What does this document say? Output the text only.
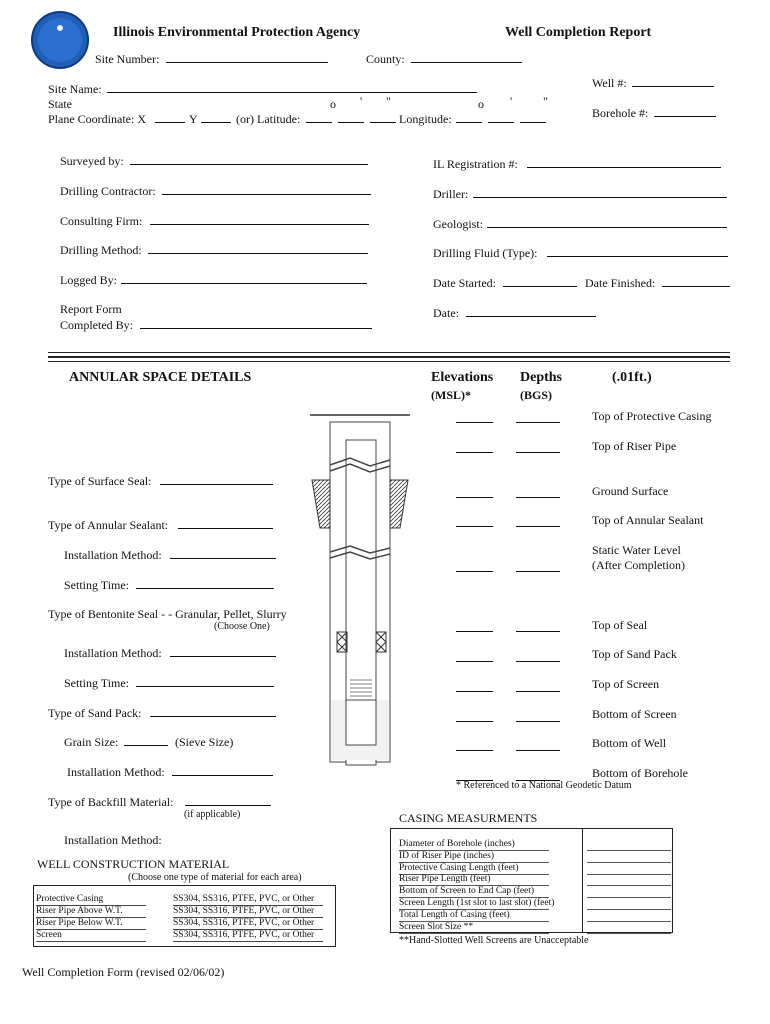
Illinois Environmental Protection Agency	Well Completion Report
Site Number:	County:
Site Name:
State	o ' "	o '	"
Plane Coordinate: X	Y	(or) Latitude:	Longitude:
Well #:
Borehole #:
Surveyed by:	IL Registration #:
Drilling Contractor:	Driller:
Consulting Firm:	Geologist:
Drilling Method:	Drilling Fluid (Type):
Logged By:	Date Started:	Date Finished:
Report Form
Completed By:
Date:
ANNULAR SPACE DETAILS	Elevations
(MSL)*
Depths
(BGS)
(.01ft.)
Type of Surface Seal:
Type of Annular Sealant:
Installation Method:
Setting Time:
Type of Bentonite Seal - - Granular, Pellet, Slurry
(Choose One)
Installation Method:
Setting Time:
Type of Sand Pack:
Grain Size:	(Sieve Size)
Installation Method:
Type of Backfill Material:
(if applicable)
Installation Method:
Top of Protective Casing
Top of Riser Pipe
Ground Surface
Top of Annular Sealant
Static Water Level
(After Completion)
Top of Seal
Top of Sand Pack
Top of Screen
Bottom of Screen
Bottom of Well
Bottom of Borehole
* Referenced to a National Geodetic Datum
CASING MEASURMENTS
Diameter of Borehole (inches)
ID of Riser Pipe (inches)
Protective Casing Length (feet)
Riser Pipe Length (feet)
Bottom of Screen to End Cap (feet)
Screen Length (1st slot to last slot) (feet)
Total Length of Casing (feet)
Screen Slot Size **
**Hand-Slotted Well Screens are Unacceptable
WELL CONSTRUCTION MATERIAL
(Choose one type of material for each area)
Protective Casing	SS304, SS316, PTFE, PVC, or Other
Riser Pipe Above W.T.	SS304, SS316, PTFE, PVC, or Other
Riser Pipe Below W.T.	SS304, SS316, PTFE, PVC, or Other
Screen	SS304, SS316, PTFE, PVC, or Other
Well Completion Form (revised 02/06/02)
